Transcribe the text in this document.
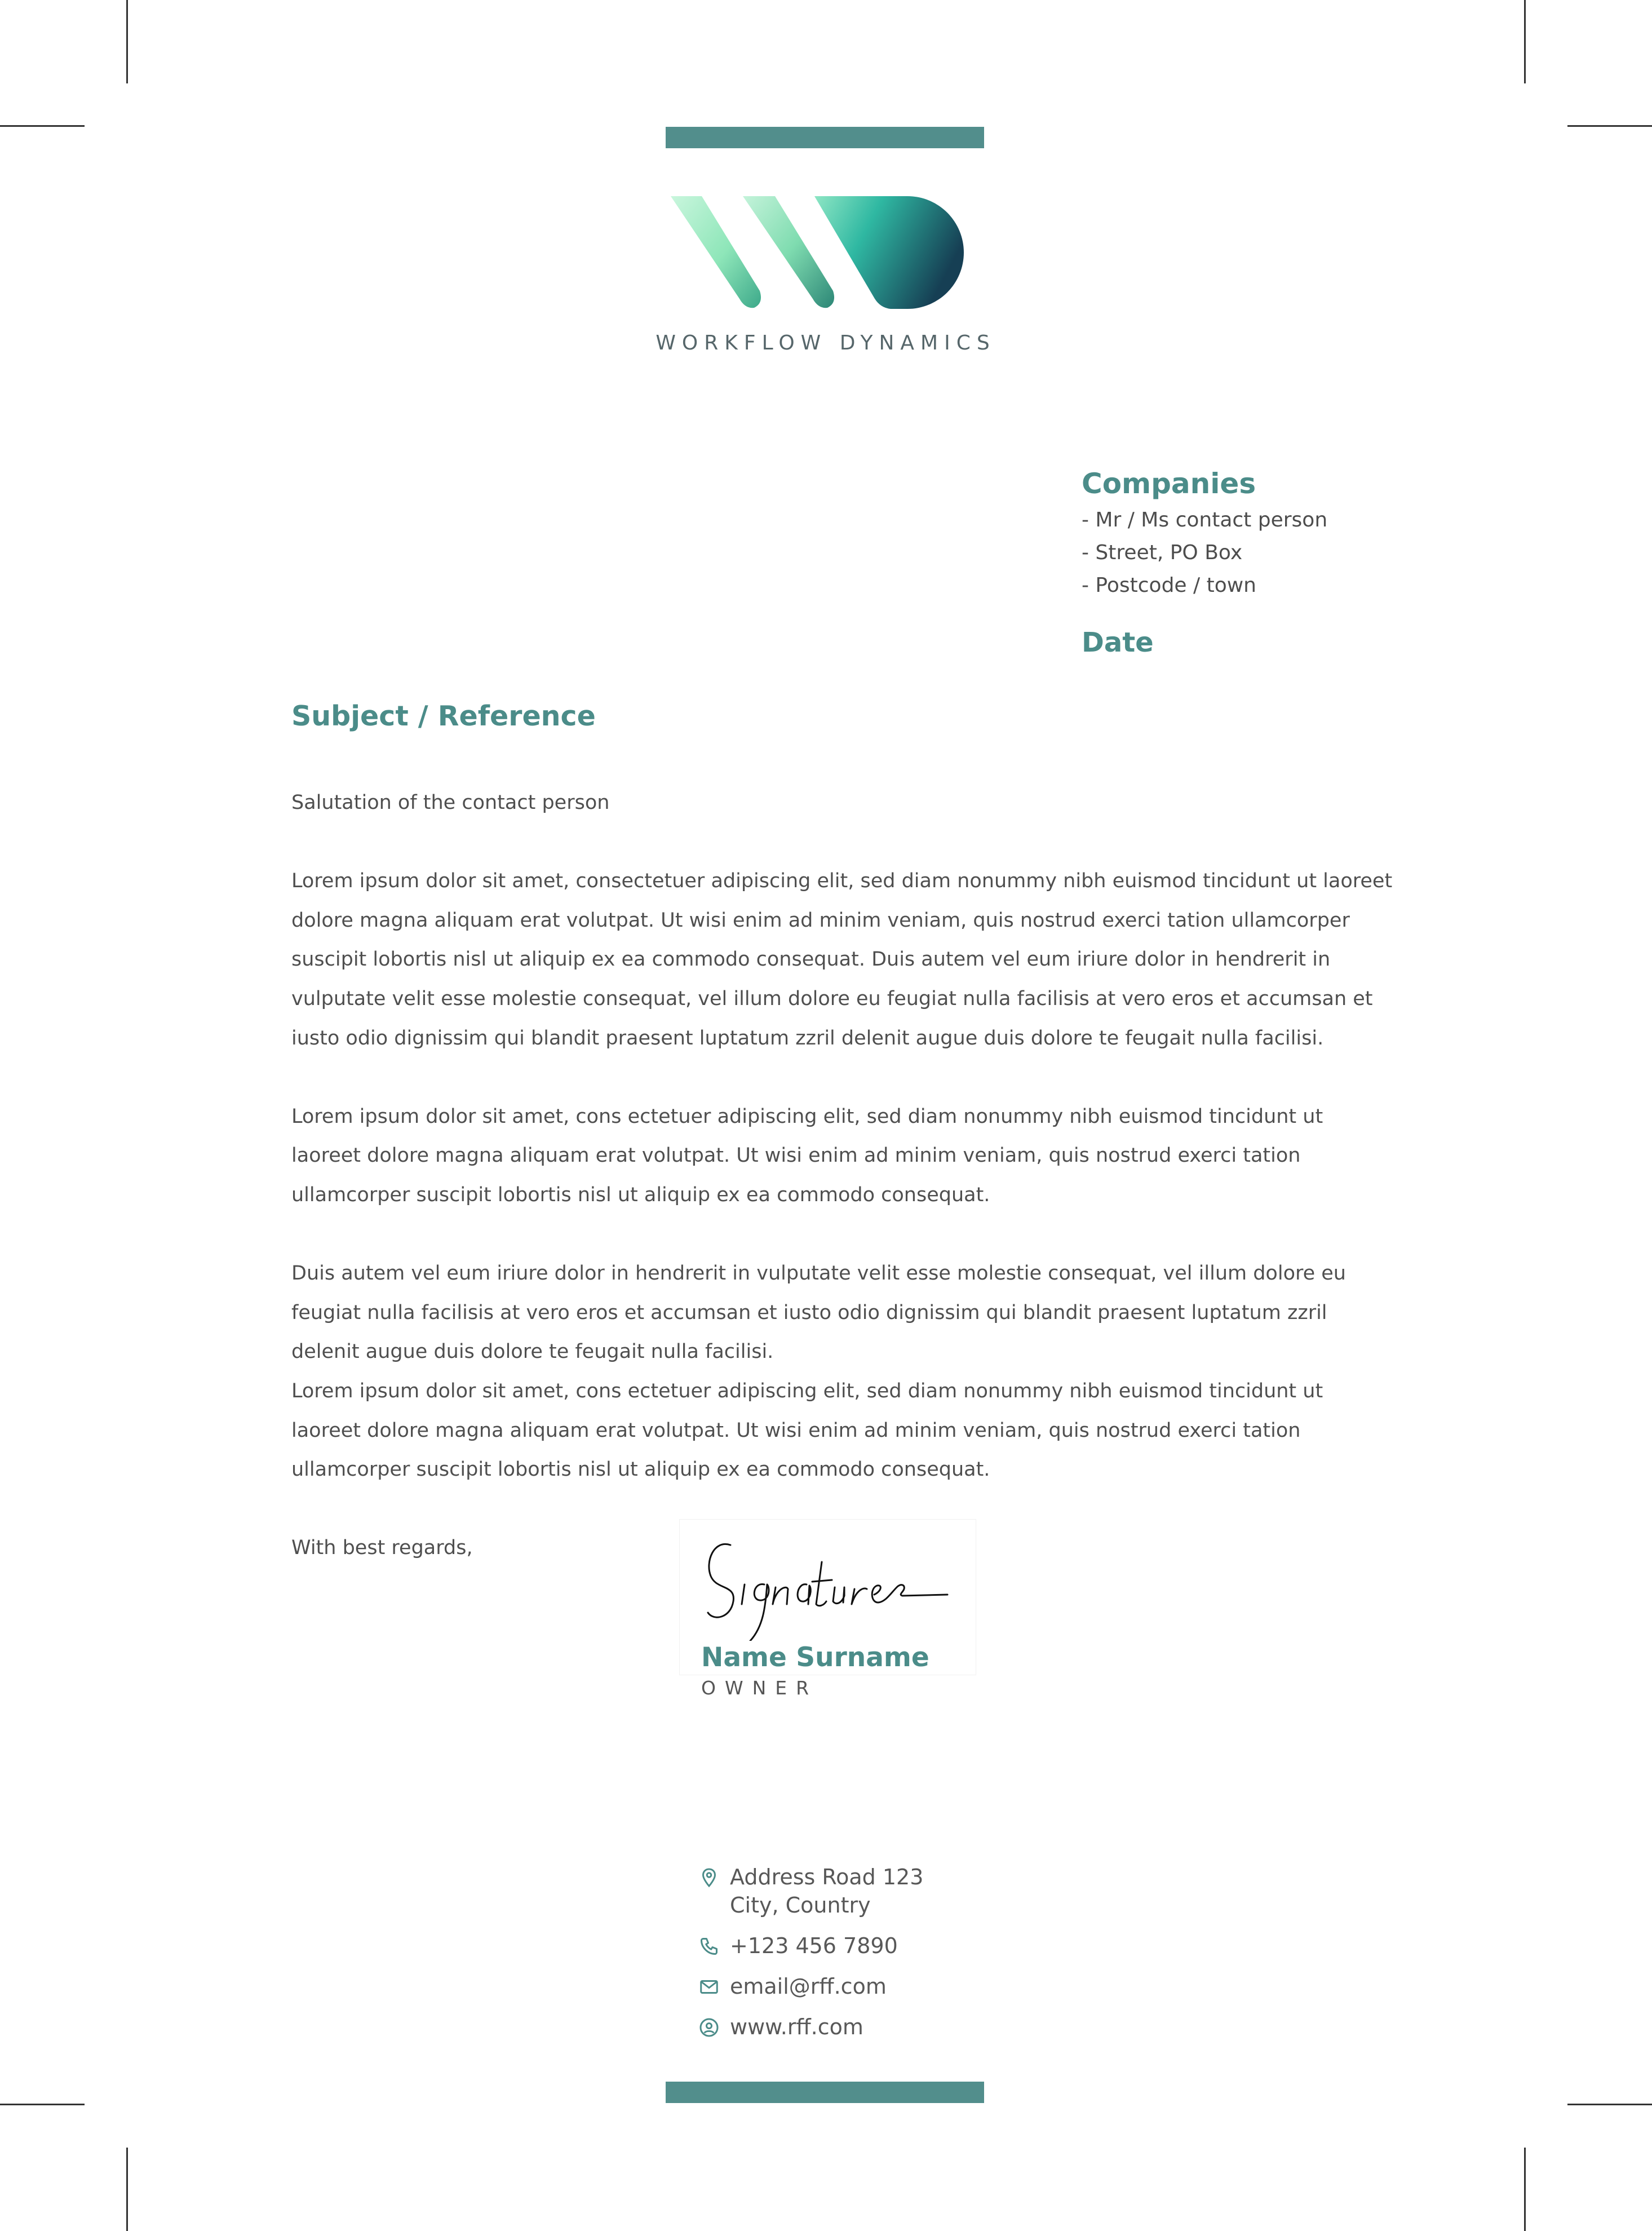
WORKFLOW DYNAMICS
Companies
- Mr / Ms contact person
- Street, PO Box
- Postcode / town
Date
Subject / Reference

Salutation of the contact person

Lorem ipsum dolor sit amet, consectetuer adipiscing elit, sed diam nonummy nibh euismod tincidunt ut laoreet dolore magna aliquam erat volutpat. Ut wisi enim ad minim veniam, quis nostrud exerci tation ullamcorper suscipit lobortis nisl ut aliquip ex ea commodo consequat. Duis autem vel eum iriure dolor in hendrerit in vulputate velit esse molestie consequat, vel illum dolore eu feugiat nulla facilisis at vero eros et accumsan et iusto odio dignissim qui blandit praesent luptatum zzril delenit augue duis dolore te feugait nulla facilisi.

Lorem ipsum dolor sit amet, cons ectetuer adipiscing elit, sed diam nonummy nibh euismod tincidunt ut laoreet dolore magna aliquam erat volutpat. Ut wisi enim ad minim veniam, quis nostrud exerci tation ullamcorper suscipit lobortis nisl ut aliquip ex ea commodo consequat.

Duis autem vel eum iriure dolor in hendrerit in vulputate velit esse molestie consequat, vel illum dolore eu feugiat nulla facilisis at vero eros et accumsan et iusto odio dignissim qui blandit praesent luptatum zzril delenit augue duis dolore te feugait nulla facilisi.

Lorem ipsum dolor sit amet, cons ectetuer adipiscing elit, sed diam nonummy nibh euismod tincidunt ut laoreet dolore magna aliquam erat volutpat. Ut wisi enim ad minim veniam, quis nostrud exerci tation ullamcorper suscipit lobortis nisl ut aliquip ex ea commodo consequat.

With best regards,

Name Surname
OWNER
Address Road 123
City, Country
+123 456 7890
email@rff.com
www.rff.com
